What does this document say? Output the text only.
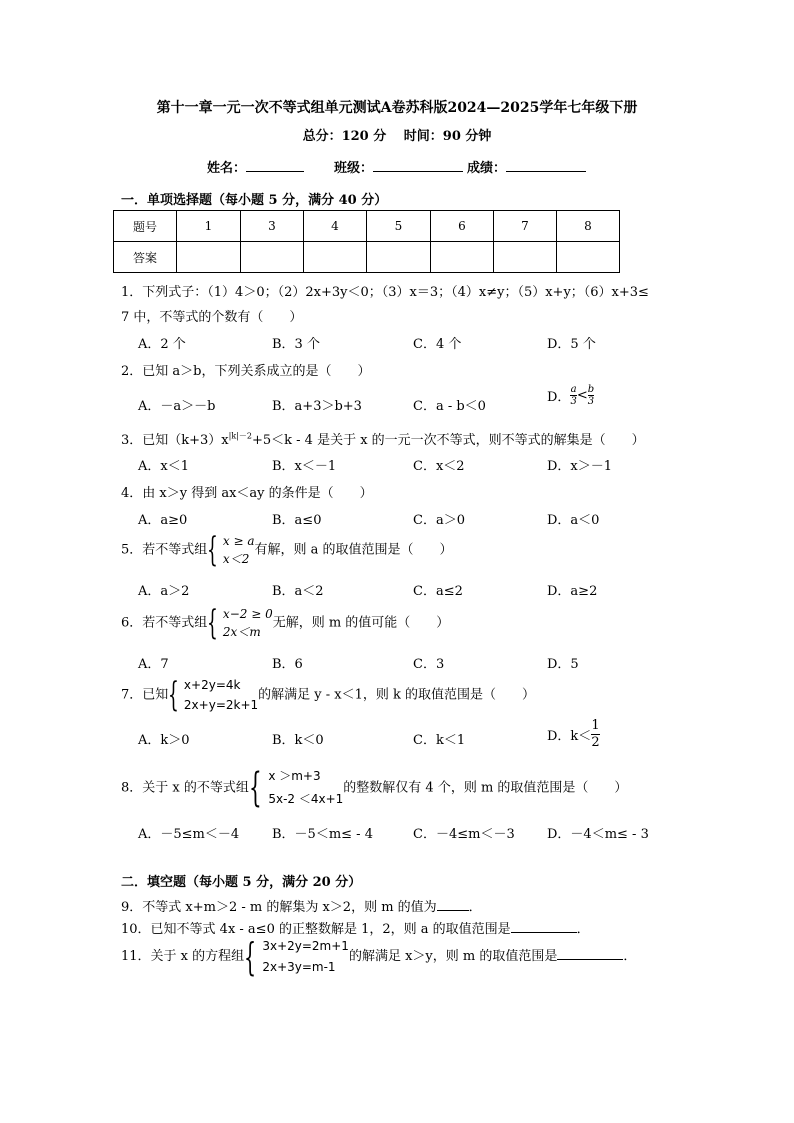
第十一章一元一次不等式组单元测试A卷苏科版2024—2025学年七年级下册
总分：120 分　 时间：90 分钟
姓名：	班级：	成绩：
一．单项选择题（每小题 5 分，满分 40 分）
题号	1	3	4	5	6	7	8
答案							
1．下列式子：（1）4＞0；（2）2x+3y＜0；（3）x＝3；（4）x≠y；（5）x+y；（6）x+3≤
7 中，不等式的个数有（　　）
A．2 个	B．3 个	C．4 个	D．5 个
2．已知 a＞b，下列关系成立的是（　　）
A．－a＞－b	B．a+3＞b+3	C．a - b＜0
D． $\frac{a}{3} < \frac{b}{3}$
3．已知$(k+3)x^{|k|-2}+5<k - 4$ 是关于 x 的一元一次不等式，则不等式的解集是（　　）
A．x＜1	B．x＜－1	C．x＜2	D．x＞－1
4．由 x＞y 得到 ax＜ay 的条件是（　　）
A．a≥0	B．a≤0	C．a＞0	D．a＜0
5．若不等式组{ x ≥ a
x＜2
有解，则 a 的取值范围是（　　）
A．a＞2	B．a＜2	C．a≤2	D．a≥2
6．若不等式组{ x−2 ≥ 0
2x＜m
无解，则 m 的值可能（　　）
A．7	B．6	C．3	D．5
7．已知{ x+2y=4k
2x+y=2k+1
的解满足 y - x＜1，则 k 的取值范围是（　　）
A．k＞0	B．k＜0	C．k＜1	D．$k< \frac{1}{2}$
8．关于 x 的不等式组{ x ＞m+3
5x-2 ＜4x+1
的整数解仅有 4 个，则 m 的取值范围是（　　）
A．－5≤m＜－4	B．－5＜m≤ - 4	C．－4≤m＜－3 D．－4＜m≤ - 3
二．填空题（每小题 5 分，满分 20 分）
9．不等式 x+m＞2 - m 的解集为 x＞2，则 m 的值为 ．
10．已知不等式 4x - a≤0 的正整数解是 1，2，则 a 的取值范围是	．
11．关于 x 的方程组{ 3x+2y=2m+1
2x+3y=m-1
的解满足 x＞y，则 m 的取值范围是	．
